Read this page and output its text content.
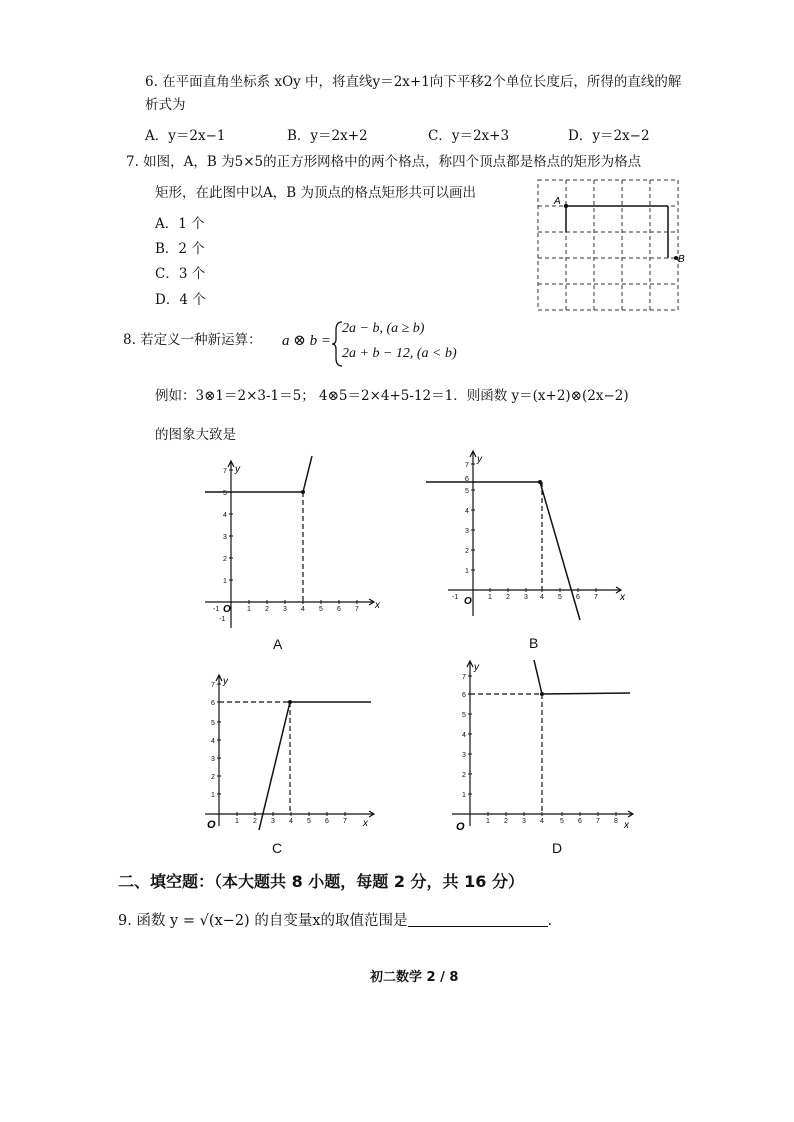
6. 在平面直角坐标系 xOy 中，将直线y＝2x+1向下平移2个单位长度后，所得的直线的解
析式为
A．y＝2x−1	B．y＝2x+2	C．y＝2x+3	D．y＝2x−2
7. 如图，A，B 为5×5的正方形网格中的两个格点，称四个顶点都是格点的矩形为格点
矩形，在此图中以A，B 为顶点的格点矩形共可以画出
A．1 个
B．2 个
C．3 个
D．4 个
A
B
8. 若定义一种新运算： a ⊗ b =
2a − b, (a ≥ b)
2a + b − 12, (a < b)
例如：3⊗1＝2×3-1＝5； 4⊗5＝2×4+5-12＝1．则函数 y＝(x+2)⊗(2x−2)
的图象大致是
-1	1 2 3 4 5 6 7
1
2
3
4
5
7
-1
y
x
O
A
-1	1 2 3 4 5 6 7
1
2
3
4
5
6
7
y
x
O
B
1 2 3 4 5 6 7
1
2
3
4
5
6
7 y
x
O
C
1 2 3 4 5 6 7 8
1
2
3
4
5
6
7
y
x
O
D
二、填空题：（本大题共 8 小题，每题 2 分，共 16 分）
9. 函数 y = √(x−2) 的自变量x的取值范围是	.
初二数学 2 / 8
